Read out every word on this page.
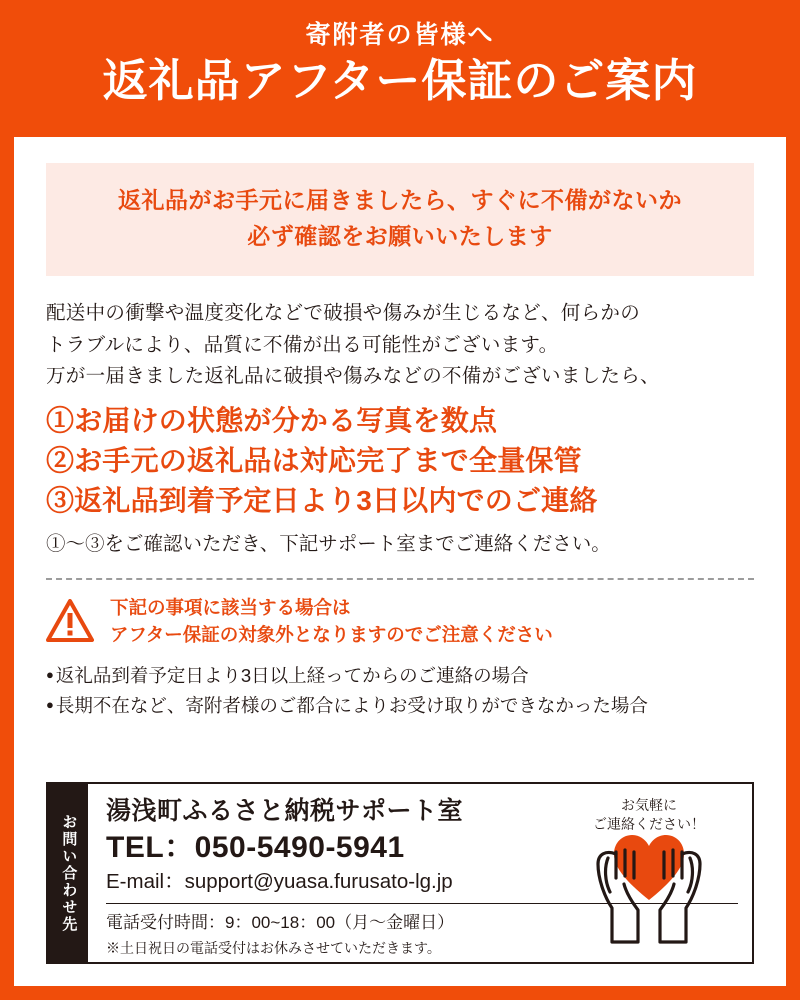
寄附者の皆様へ
返礼品アフター保証のご案内
返礼品がお手元に届きましたら、すぐに不備がないか
必ず確認をお願いいたします
配送中の衝撃や温度変化などで破損や傷みが生じるなど、何らかの
トラブルにより、品質に不備が出る可能性がございます。
万が一届きました返礼品に破損や傷みなどの不備がございましたら、
①お届けの状態が分かる写真を数点
②お手元の返礼品は対応完了まで全量保管
③返礼品到着予定日より3日以内でのご連絡
①～③をご確認いただき、下記サポート室までご連絡ください。
下記の事項に該当する場合は
アフター保証の対象外となりますのでご注意ください
● 返礼品到着予定日より3日以上経ってからのご連絡の場合
● 長期不在など、寄附者様のご都合によりお受け取りができなかった場合
お問い合わせ先
湯浅町ふるさと納税サポート室
TEL：050-5490-5941
E-mail：support@yuasa.furusato-lg.jp
電話受付時間：9：00~18：00（月～金曜日）
※土日祝日の電話受付はお休みさせていただきます。
お気軽に
ご連絡ください！
